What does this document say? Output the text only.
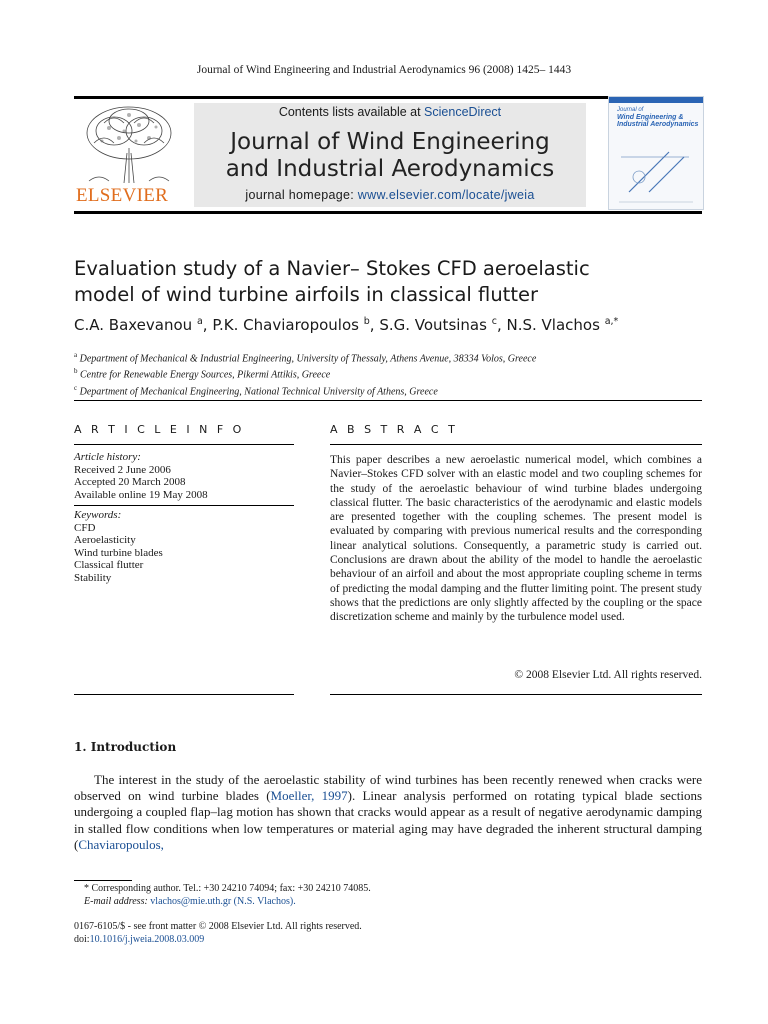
Journal of Wind Engineering and Industrial Aerodynamics 96 (2008) 1425– 1443
ELSEVIER
Contents lists available at ScienceDirect
Journal of Wind Engineering
and Industrial Aerodynamics
journal homepage: www.elsevier.com/locate/jweia
Journal of
Wind Engineering &
Industrial Aerodynamics
Evaluation study of a Navier– Stokes CFD aeroelastic
model of wind turbine airfoils in classical flutter
C.A. Baxevanou $^a$, P.K. Chaviaropoulos $^b$, S.G. Voutsinas $^c$, N.S. Vlachos $^{a,*}$
$^a$ Department of Mechanical & Industrial Engineering, University of Thessaly, Athens Avenue, 38334 Volos, Greece
$^b$ Centre for Renewable Energy Sources, Pikermi Attikis, Greece
$^c$ Department of Mechanical Engineering, National Technical University of Athens, Greece
A R T I C L E I N F O
Article history:
Received 2 June 2006
Accepted 20 March 2008
Available online 19 May 2008
Keywords:
CFD
Aeroelasticity
Wind turbine blades
Classical flutter
Stability
A B S T R A C T
This paper describes a new aeroelastic numerical model, which combines a Navier–Stokes CFD solver with an elastic model and two coupling schemes for the study of the aeroelastic behaviour of wind turbine blades undergoing classical flutter. The basic characteristics of the aerodynamic and elastic models are presented together with the coupling schemes. The present model is evaluated by comparing with previous numerical results and the corresponding linear analytical solutions. Consequently, a parametric study is carried out. Conclusions are drawn about the ability of the model to handle the aeroelastic behaviour of an airfoil and about the most appropriate coupling scheme in terms of predicting the modal damping and the flutter limiting point. The present study shows that the predictions are only slightly affected by the coupling or the space discretization scheme and mainly by the turbulence model used.
© 2008 Elsevier Ltd. All rights reserved.
1. Introduction
The interest in the study of the aeroelastic stability of wind turbines has been recently renewed when cracks were observed on wind turbine blades (Moeller, 1997). Linear analysis performed on rotating typical blade sections undergoing a coupled flap–lag motion has shown that cracks would appear as a result of negative aerodynamic damping in stalled flow conditions when low temperatures or material aging may have degraded the inherent structural damping (Chaviaropoulos,
* Corresponding author. Tel.: +30 24210 74094; fax: +30 24210 74085.
E-mail address: vlachos@mie.uth.gr (N.S. Vlachos).
0167-6105/$ - see front matter © 2008 Elsevier Ltd. All rights reserved.
doi:10.1016/j.jweia.2008.03.009
